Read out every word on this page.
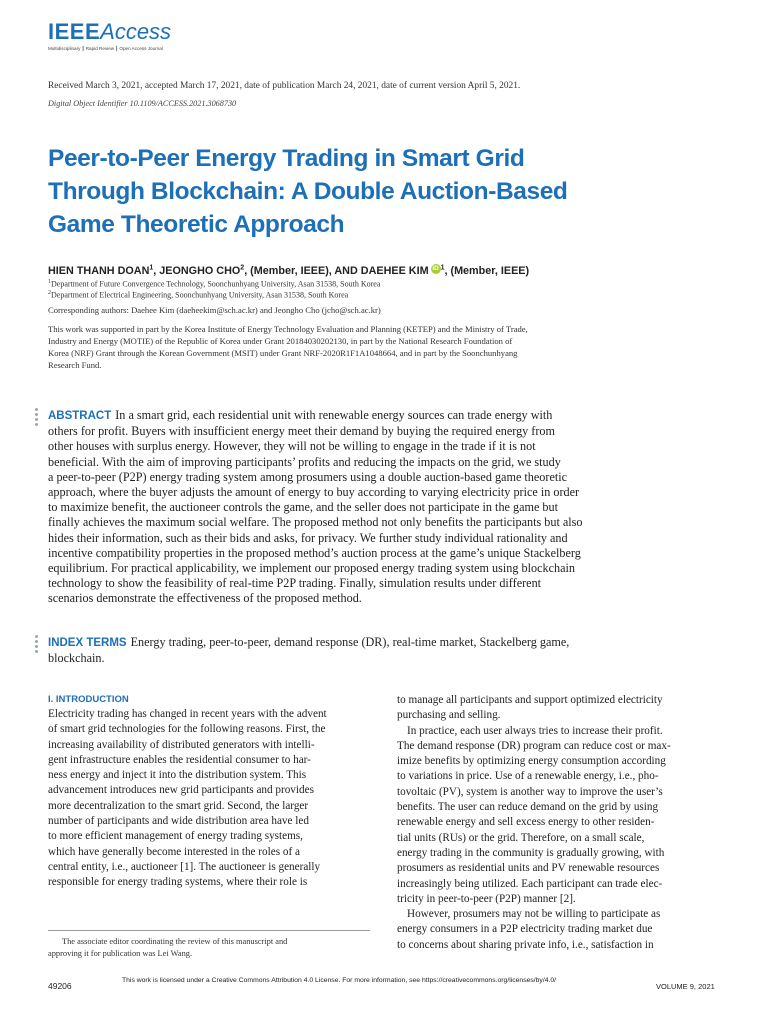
IEEEAccess
Multidisciplinary ┃ Rapid Review ┃ Open Access Journal
Received March 3, 2021, accepted March 17, 2021, date of publication March 24, 2021, date of current version April 5, 2021.
Digital Object Identifier 10.1109/ACCESS.2021.3068730
Peer-to-Peer Energy Trading in Smart Grid
Through Blockchain: A Double Auction-Based
Game Theoretic Approach
HIEN THANH DOAN$^1$, JEONGHO CHO$^2$, (Member, IEEE), AND DAEHEE KIM iD $^1$, (Member, IEEE)
$^1$Department of Future Convergence Technology, Soonchunhyang University, Asan 31538, South Korea
$^2$Department of Electrical Engineering, Soonchunhyang University, Asan 31538, South Korea
Corresponding authors: Daehee Kim (daeheekim@sch.ac.kr) and Jeongho Cho (jcho@sch.ac.kr)
This work was supported in part by the Korea Institute of Energy Technology Evaluation and Planning (KETEP) and the Ministry of Trade,
Industry and Energy (MOTIE) of the Republic of Korea under Grant 20184030202130, in part by the National Research Foundation of
Korea (NRF) Grant through the Korean Government (MSIT) under Grant NRF-2020R1F1A1048664, and in part by the Soonchunhyang
Research Fund.
ABSTRACT In a smart grid, each residential unit with renewable energy sources can trade energy with
others for profit. Buyers with insufficient energy meet their demand by buying the required energy from
other houses with surplus energy. However, they will not be willing to engage in the trade if it is not
beneficial. With the aim of improving participants’ profits and reducing the impacts on the grid, we study
a peer-to-peer (P2P) energy trading system among prosumers using a double auction-based game theoretic
approach, where the buyer adjusts the amount of energy to buy according to varying electricity price in order
to maximize benefit, the auctioneer controls the game, and the seller does not participate in the game but
finally achieves the maximum social welfare. The proposed method not only benefits the participants but also
hides their information, such as their bids and asks, for privacy. We further study individual rationality and
incentive compatibility properties in the proposed method’s auction process at the game’s unique Stackelberg
equilibrium. For practical applicability, we implement our proposed energy trading system using blockchain
technology to show the feasibility of real-time P2P trading. Finally, simulation results under different
scenarios demonstrate the effectiveness of the proposed method.
INDEX TERMS Energy trading, peer-to-peer, demand response (DR), real-time market, Stackelberg game,
blockchain.
I. INTRODUCTION
Electricity trading has changed in recent years with the advent
of smart grid technologies for the following reasons. First, the
increasing availability of distributed generators with intelli-
gent infrastructure enables the residential consumer to har-
ness energy and inject it into the distribution system. This
advancement introduces new grid participants and provides
more decentralization to the smart grid. Second, the larger
number of participants and wide distribution area have led
to more efficient management of energy trading systems,
which have generally become interested in the roles of a
central entity, i.e., auctioneer [1]. The auctioneer is generally
responsible for energy trading systems, where their role is
to manage all participants and support optimized electricity
purchasing and selling.
In practice, each user always tries to increase their profit.
The demand response (DR) program can reduce cost or max-
imize benefits by optimizing energy consumption according
to variations in price. Use of a renewable energy, i.e., pho-
tovoltaic (PV), system is another way to improve the user’s
benefits. The user can reduce demand on the grid by using
renewable energy and sell excess energy to other residen-
tial units (RUs) or the grid. Therefore, on a small scale,
energy trading in the community is gradually growing, with
prosumers as residential units and PV renewable resources
increasingly being utilized. Each participant can trade elec-
tricity in peer-to-peer (P2P) manner [2].
However, prosumers may not be willing to participate as
energy consumers in a P2P electricity trading market due
to concerns about sharing private info, i.e., satisfaction in
The associate editor coordinating the review of this manuscript and
approving it for publication was Lei Wang.
49206
This work is licensed under a Creative Commons Attribution 4.0 License. For more information, see https://creativecommons.org/licenses/by/4.0/
VOLUME 9, 2021
